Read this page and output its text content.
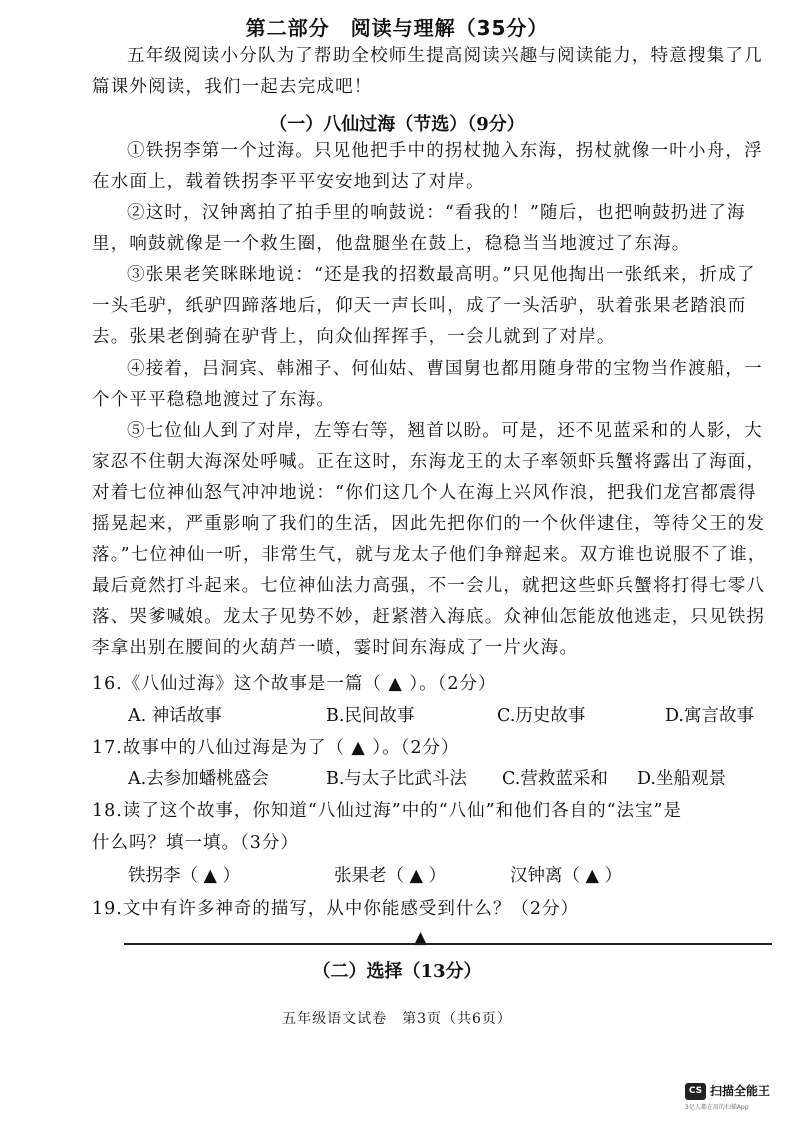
第二部分　阅读与理解（35分）
五年级阅读小分队为了帮助全校师生提高阅读兴趣与阅读能力，特意搜集了几篇课外阅读，我们一起去完成吧！
（一）八仙过海（节选）（9分）
①铁拐李第一个过海。只见他把手中的拐杖抛入东海，拐杖就像一叶小舟，浮在水面上，载着铁拐李平平安安地到达了对岸。
②这时，汉钟离拍了拍手里的响鼓说：“看我的！”随后，也把响鼓扔进了海里，响鼓就像是一个救生圈，他盘腿坐在鼓上，稳稳当当地渡过了东海。
③张果老笑眯眯地说：“还是我的招数最高明。”只见他掏出一张纸来，折成了一头毛驴，纸驴四蹄落地后，仰天一声长叫，成了一头活驴，驮着张果老踏浪而去。张果老倒骑在驴背上，向众仙挥挥手，一会儿就到了对岸。
④接着，吕洞宾、韩湘子、何仙姑、曹国舅也都用随身带的宝物当作渡船，一个个平平稳稳地渡过了东海。
⑤七位仙人到了对岸，左等右等，翘首以盼。可是，还不见蓝采和的人影，大家忍不住朝大海深处呼喊。正在这时，东海龙王的太子率领虾兵蟹将露出了海面，对着七位神仙怒气冲冲地说：“你们这几个人在海上兴风作浪，把我们龙宫都震得摇晃起来，严重影响了我们的生活，因此先把你们的一个伙伴逮住，等待父王的发落。”七位神仙一听，非常生气，就与龙太子他们争辩起来。双方谁也说服不了谁，最后竟然打斗起来。七位神仙法力高强，不一会儿，就把这些虾兵蟹将打得七零八落、哭爹喊娘。龙太子见势不妙，赶紧潜入海底。众神仙怎能放他逃走，只见铁拐李拿出别在腰间的火葫芦一喷，霎时间东海成了一片火海。
16.《八仙过海》这个故事是一篇（ ▲ ）。（2分）
A. 神话故事	B.民间故事	C.历史故事	D.寓言故事
17.故事中的八仙过海是为了（ ▲ ）。（2分）
A.去参加蟠桃盛会	B.与太子比武斗法 C.营救蓝采和 D.坐船观景
18.读了这个故事，你知道“八仙过海”中的“八仙”和他们各自的“法宝”是
什么吗？填一填。（3分）
铁拐李（ ▲ ）	张果老（ ▲ ）	汉钟离（ ▲ ）
19.文中有许多神奇的描写，从中你能感受到什么？（2分）
▲
（二）选择（13分）
五年级语文试卷　第3页（共6页）
CS 扫描全能王
3亿人都在用的扫描App
